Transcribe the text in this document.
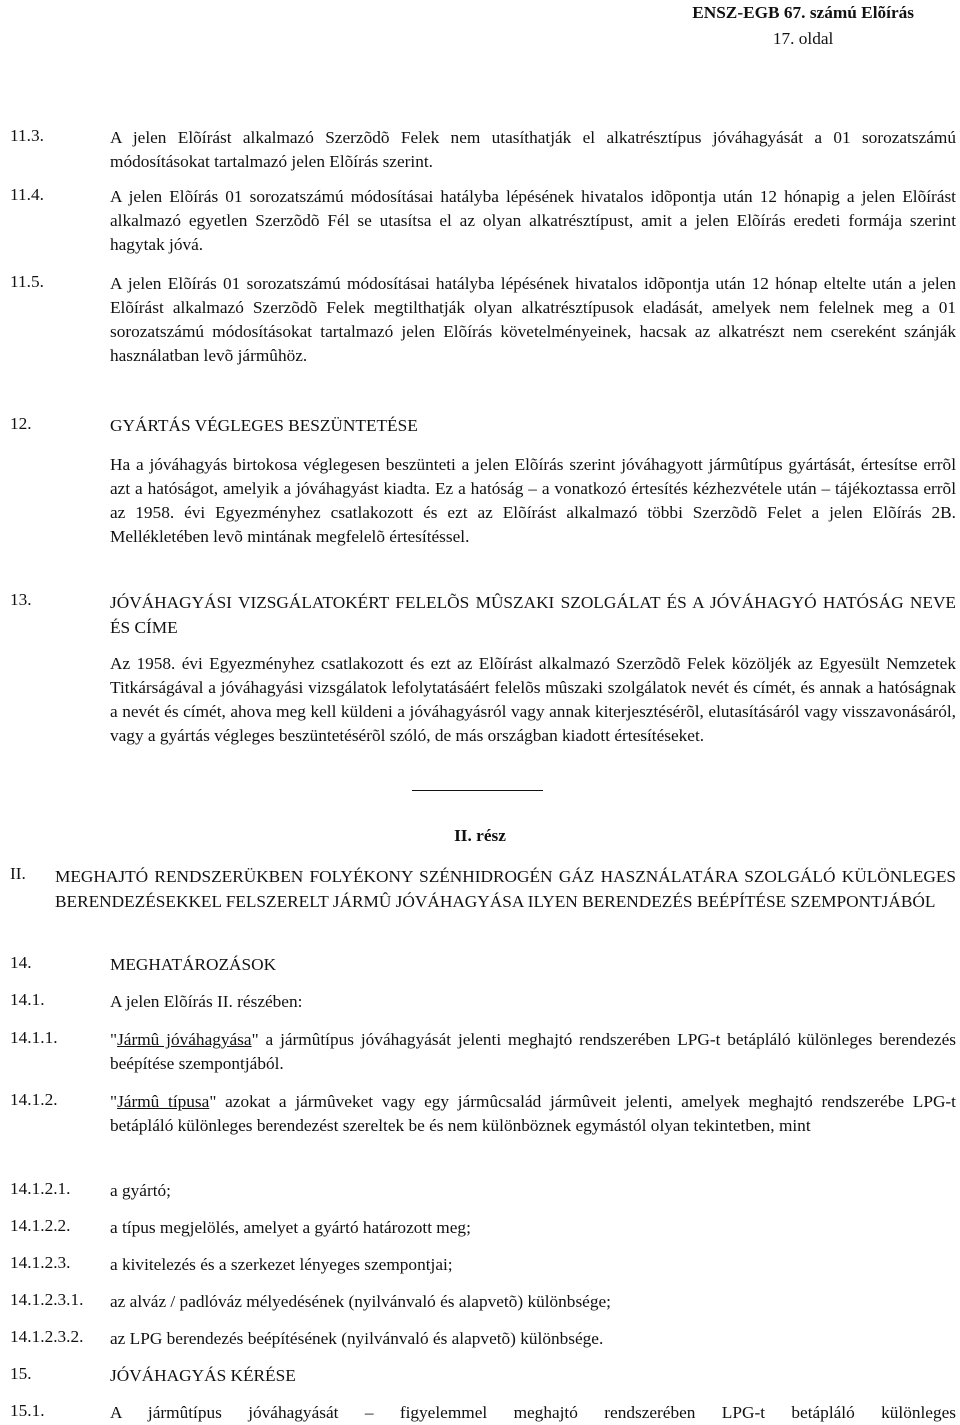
ENSZ-EGB 67. számú Elõírás
17. oldal
11.3.	A jelen Elõírást alkalmazó Szerzõdõ Felek nem utasíthatják el alkatrésztípus jóváhagyását a 01 sorozatszámú módosításokat tartalmazó jelen Elõírás szerint.
11.4.	A jelen Elõírás 01 sorozatszámú módosításai hatályba lépésének hivatalos idõpontja után 12 hónapig a jelen Elõírást alkalmazó egyetlen Szerzõdõ Fél se utasítsa el az olyan alkatrésztípust, amit a jelen Elõírás eredeti formája szerint hagytak jóvá.
11.5.	A jelen Elõírás 01 sorozatszámú módosításai hatályba lépésének hivatalos idõpontja után 12 hónap eltelte után a jelen Elõírást alkalmazó Szerzõdõ Felek megtilthatják olyan alkatrésztípusok eladását, amelyek nem felelnek meg a 01 sorozatszámú módosításokat tartalmazó jelen Elõírás követelményeinek, hacsak az alkatrészt nem csereként szánják használatban levõ jármûhöz.
12.	GYÁRTÁS VÉGLEGES BESZÜNTETÉSE
Ha a jóváhagyás birtokosa véglegesen beszünteti a jelen Elõírás szerint jóváhagyott jármûtípus gyártását, értesítse errõl azt a hatóságot, amelyik a jóváhagyást kiadta. Ez a hatóság – a vonatkozó értesítés kézhezvétele után – tájékoztassa errõl az 1958. évi Egyezményhez csatlakozott és ezt az Elõírást alkalmazó többi Szerzõdõ Felet a jelen Elõírás 2B. Mellékletében levõ mintának megfelelõ értesítéssel.
13.	JÓVÁHAGYÁSI VIZSGÁLATOKÉRT FELELÕS MÛSZAKI SZOLGÁLAT ÉS A JÓVÁHAGYÓ HATÓSÁG NEVE ÉS CÍME
Az 1958. évi Egyezményhez csatlakozott és ezt az Elõírást alkalmazó Szerzõdõ Felek közöljék az Egyesült Nemzetek Titkárságával a jóváhagyási vizsgálatok lefolytatásáért felelõs mûszaki szolgálatok nevét és címét, és annak a hatóságnak a nevét és címét, ahova meg kell küldeni a jóváhagyásról vagy annak kiterjesztésérõl, elutasításáról vagy visszavonásáról, vagy a gyártás végleges beszüntetésérõl szóló, de más országban kiadott értesítéseket.
II. rész
II. MEGHAJTÓ RENDSZERÜKBEN FOLYÉKONY SZÉNHIDROGÉN GÁZ HASZNÁLATÁRA SZOLGÁLÓ KÜLÖNLEGES BERENDEZÉSEKKEL FELSZERELT JÁRMÛ JÓVÁHAGYÁSA ILYEN BERENDEZÉS BEÉPÍTÉSE SZEMPONTJÁBÓL
14.	MEGHATÁROZÁSOK
14.1.	A jelen Elõírás II. részében:
14.1.1.	"Jármû jóváhagyása" a jármûtípus jóváhagyását jelenti meghajtó rendszerében LPG-t betápláló különleges berendezés beépítése szempontjából.
14.1.2.	"Jármû típusa" azokat a jármûveket vagy egy jármûcsalád jármûveit jelenti, amelyek meghajtó rendszerébe LPG-t betápláló különleges berendezést szereltek be és nem különböznek egymástól olyan tekintetben, mint
14.1.2.1. a gyártó;
14.1.2.2. a típus megjelölés, amelyet a gyártó határozott meg;
14.1.2.3. a kivitelezés és a szerkezet lényeges szempontjai;
14.1.2.3.1. az alváz / padlóváz mélyedésének (nyilvánvaló és alapvetõ) különbsége;
14.1.2.3.2. az LPG berendezés beépítésének (nyilvánvaló és alapvetõ) különbsége.
15.	JÓVÁHAGYÁS KÉRÉSE
15.1.	A jármûtípus jóváhagyását – figyelemmel meghajtó rendszerében LPG-t betápláló különleges
